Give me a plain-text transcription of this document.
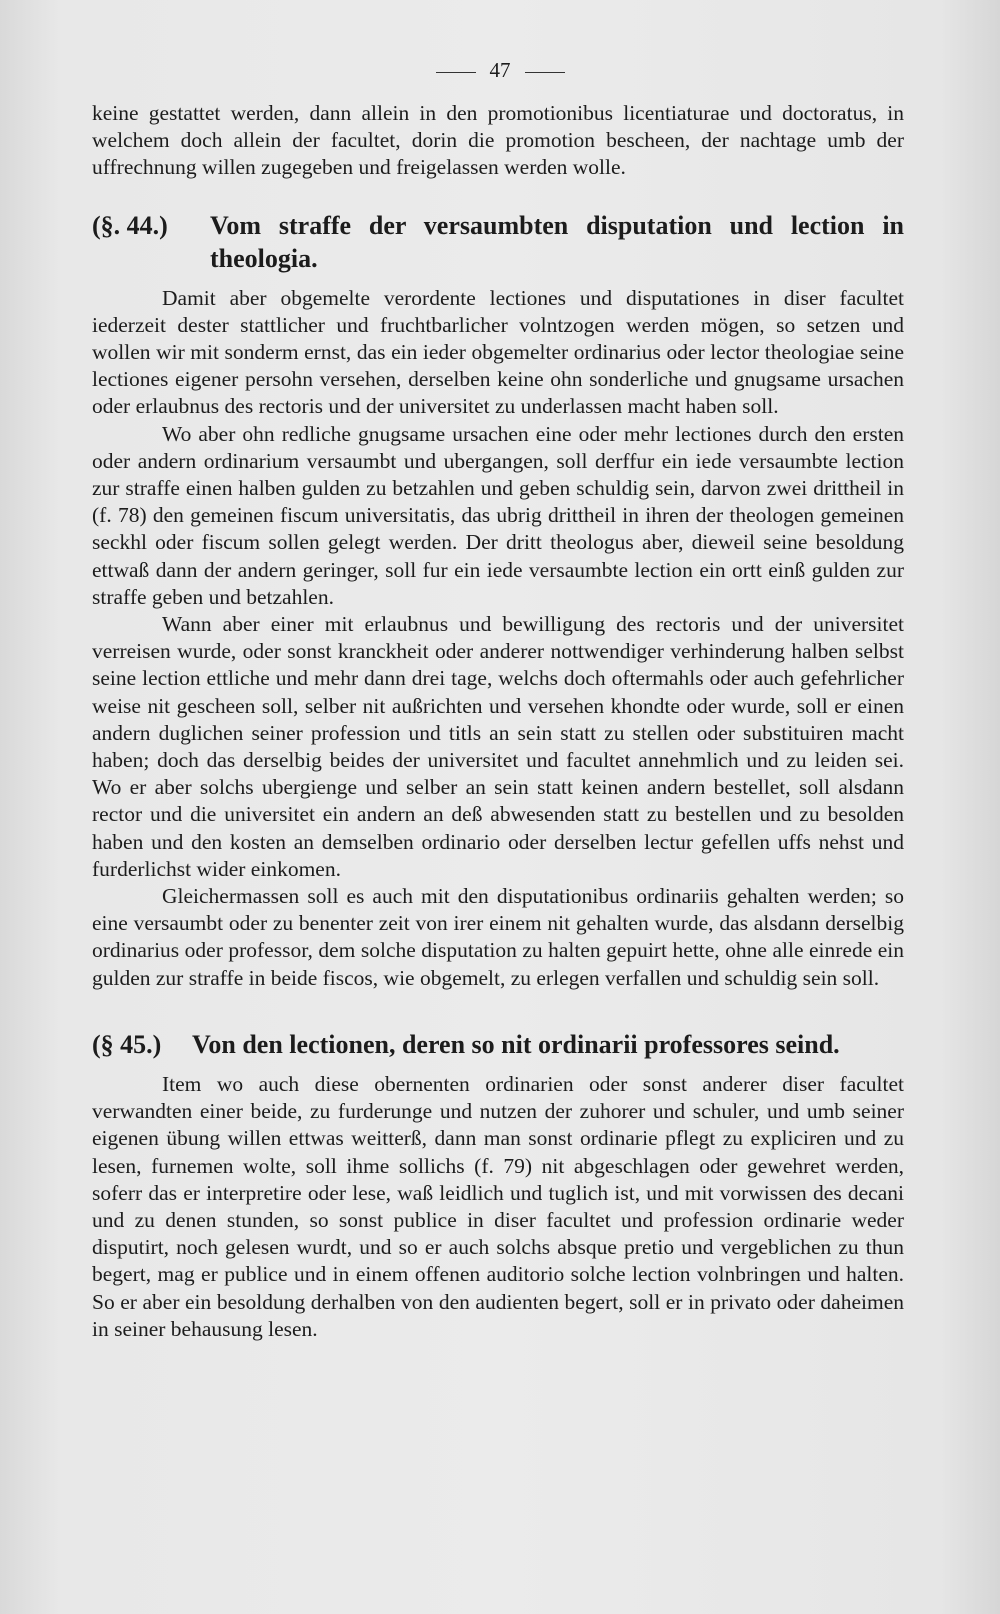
47

keine gestattet werden, dann allein in den promotionibus licentiaturae und doctoratus, in welchem doch allein der facultet, dorin die promotion bescheen, der nachtage umb der uffrechnung willen zugegeben und freigelassen werden wolle.

(§. 44.) Vom straffe der versaumbten disputation und lection in theologia.

Damit aber obgemelte verordente lectiones und disputationes in diser facultet iederzeit dester stattlicher und fruchtbarlicher volntzogen werden mögen, so setzen und wollen wir mit sonderm ernst, das ein ieder obgemelter ordinarius oder lector theologiae seine lectiones eigener persohn versehen, derselben keine ohn sonderliche und gnugsame ursachen oder erlaubnus des rectoris und der universitet zu underlassen macht haben soll.

Wo aber ohn redliche gnugsame ursachen eine oder mehr lectiones durch den ersten oder andern ordinarium versaumbt und ubergangen, soll derffur ein iede versaumbte lection zur straffe einen halben gulden zu betzahlen und geben schuldig sein, darvon zwei drittheil in (f. 78) den gemeinen fiscum universitatis, das ubrig drittheil in ihren der theologen gemeinen seckhl oder fiscum sollen gelegt werden. Der dritt theologus aber, dieweil seine besoldung ettwaß dann der andern geringer, soll fur ein iede versaumbte lection ein ortt einß gulden zur straffe geben und betzahlen.

Wann aber einer mit erlaubnus und bewilligung des rectoris und der universitet verreisen wurde, oder sonst kranckheit oder anderer nottwendiger verhinderung halben selbst seine lection ettliche und mehr dann drei tage, welchs doch oftermahls oder auch gefehrlicher weise nit gescheen soll, selber nit außrichten und versehen khondte oder wurde, soll er einen andern duglichen seiner profession und titls an sein statt zu stellen oder substituiren macht haben; doch das derselbig beides der universitet und facultet annehmlich und zu leiden sei. Wo er aber solchs ubergienge und selber an sein statt keinen andern bestellet, soll alsdann rector und die universitet ein andern an deß abwesenden statt zu bestellen und zu besolden haben und den kosten an demselben ordinario oder derselben lectur gefellen uffs nehst und furderlichst wider einkomen.

Gleichermassen soll es auch mit den disputationibus ordinariis gehalten werden; so eine versaumbt oder zu benenter zeit von irer einem nit gehalten wurde, das alsdann derselbig ordinarius oder professor, dem solche disputation zu halten gepuirt hette, ohne alle einrede ein gulden zur straffe in beide fiscos, wie obgemelt, zu erlegen verfallen und schuldig sein soll.

(§ 45.) Von den lectionen, deren so nit ordinarii professores seind.

Item wo auch diese obernenten ordinarien oder sonst anderer diser facultet verwandten einer beide, zu furderunge und nutzen der zuhorer und schuler, und umb seiner eigenen übung willen ettwas weitterß, dann man sonst ordinarie pflegt zu expliciren und zu lesen, furnemen wolte, soll ihme sollichs (f. 79) nit abgeschlagen oder gewehret werden, soferr das er interpretire oder lese, waß leidlich und tuglich ist, und mit vorwissen des decani und zu denen stunden, so sonst publice in diser facultet und profession ordinarie weder disputirt, noch gelesen wurdt, und so er auch solchs absque pretio und vergeblichen zu thun begert, mag er publice und in einem offenen auditorio solche lection volnbringen und halten. So er aber ein besoldung derhalben von den audienten begert, soll er in privato oder daheimen in seiner behausung lesen.
